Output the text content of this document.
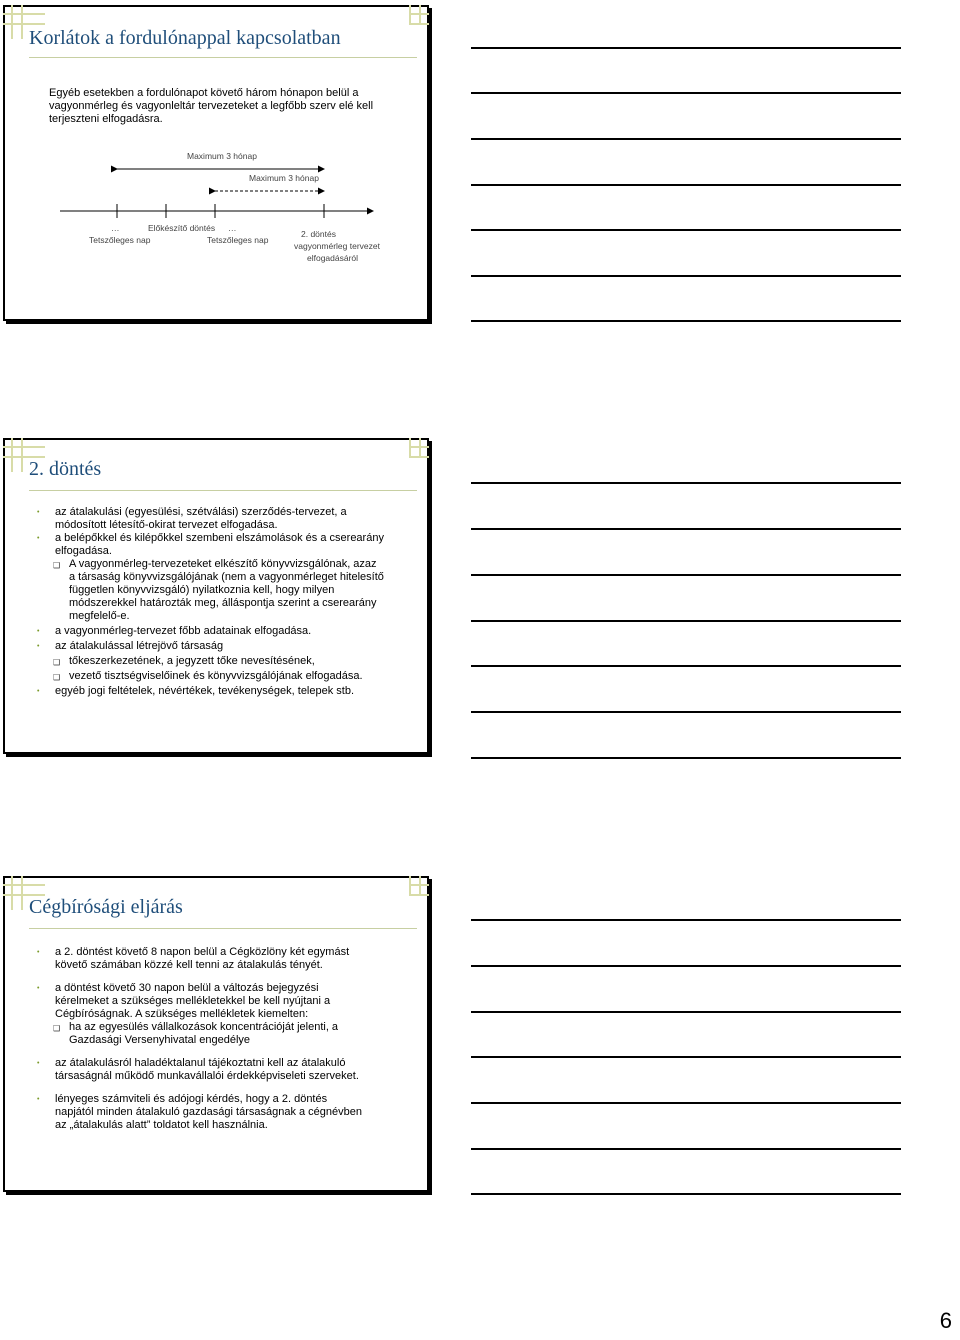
Korlátok a fordulónappal kapcsolatban
Egyéb esetekben a fordulónapot követő három hónapon belül a vagyonmérleg és vagyonleltár tervezeteket a legfőbb szerv elé kell terjeszteni elfogadásra.
Maximum 3 hónap
Maximum 3 hónap
…
Tetszőleges nap
Előkészítő döntés …
Tetszőleges nap
2. döntés
vagyonmérleg tervezet
elfogadásáról
2. döntés
• az átalakulási (egyesülési, szétválási) szerződés-tervezet, a módosított létesítő-okirat tervezet elfogadása.
• a belépőkkel és kilépőkkel szembeni elszámolások és a cserearány elfogadása.
❑ A vagyonmérleg-tervezeteket elkészítő könyvvizsgálónak, azaz a társaság könyvvizsgálójának (nem a vagyonmérleget hitelesítő független könyvvizsgáló) nyilatkoznia kell, hogy milyen módszerekkel határozták meg, álláspontja szerint a cserearány megfelelő-e.
• a vagyonmérleg-tervezet főbb adatainak elfogadása.
• az átalakulással létrejövő társaság
❑ tőkeszerkezetének, a jegyzett tőke nevesítésének,
❑ vezető tisztségviselőinek és könyvvizsgálójának elfogadása.
• egyéb jogi feltételek, névértékek, tevékenységek, telepek stb.
Cégbírósági eljárás
• a 2. döntést követő 8 napon belül a Cégközlöny két egymást követő számában közzé kell tenni az átalakulás tényét.
• a döntést követő 30 napon belül a változás bejegyzési kérelmeket a szükséges mellékletekkel be kell nyújtani a Cégbíróságnak. A szükséges mellékletek kiemelten:
❑ ha az egyesülés vállalkozások koncentrációját jelenti, a Gazdasági Versenyhivatal engedélye
• az átalakulásról haladéktalanul tájékoztatni kell az átalakuló társaságnál működő munkavállalói érdekképviseleti szerveket.
• lényeges számviteli és adójogi kérdés, hogy a 2. döntés napjától minden átalakuló gazdasági társaságnak a cégnévben az „átalakulás alatt” toldatot kell használnia.
6
